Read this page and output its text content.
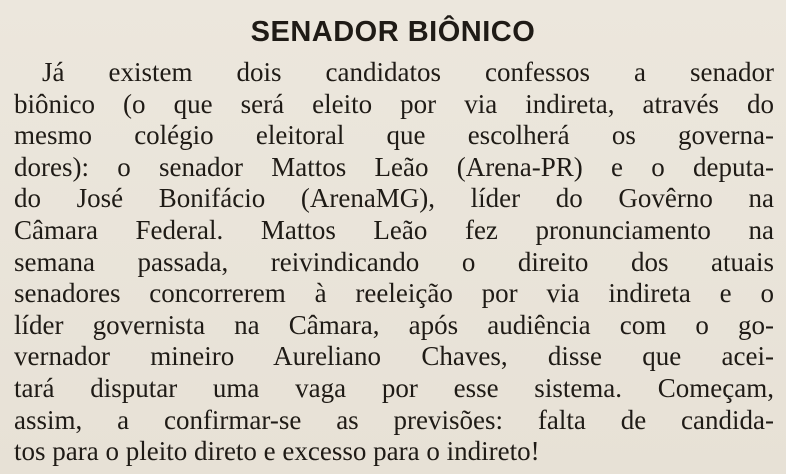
SENADOR BIÔNICO
Já existem dois candidatos confessos a senador
biônico (o que será eleito por via indireta, através do
mesmo colégio eleitoral que escolherá os governa-
dores): o senador Mattos Leão (Arena-PR) e o deputa-
do José Bonifácio (ArenaMG), líder do Govêrno na
Câmara Federal. Mattos Leão fez pronunciamento na
semana passada, reivindicando o direito dos atuais
senadores concorrerem à reeleição por via indireta e o
líder governista na Câmara, após audiência com o go-
vernador mineiro Aureliano Chaves, disse que acei-
tará disputar uma vaga por esse sistema. Começam,
assim, a confirmar-se as previsões: falta de candida-
tos para o pleito direto e excesso para o indireto!
